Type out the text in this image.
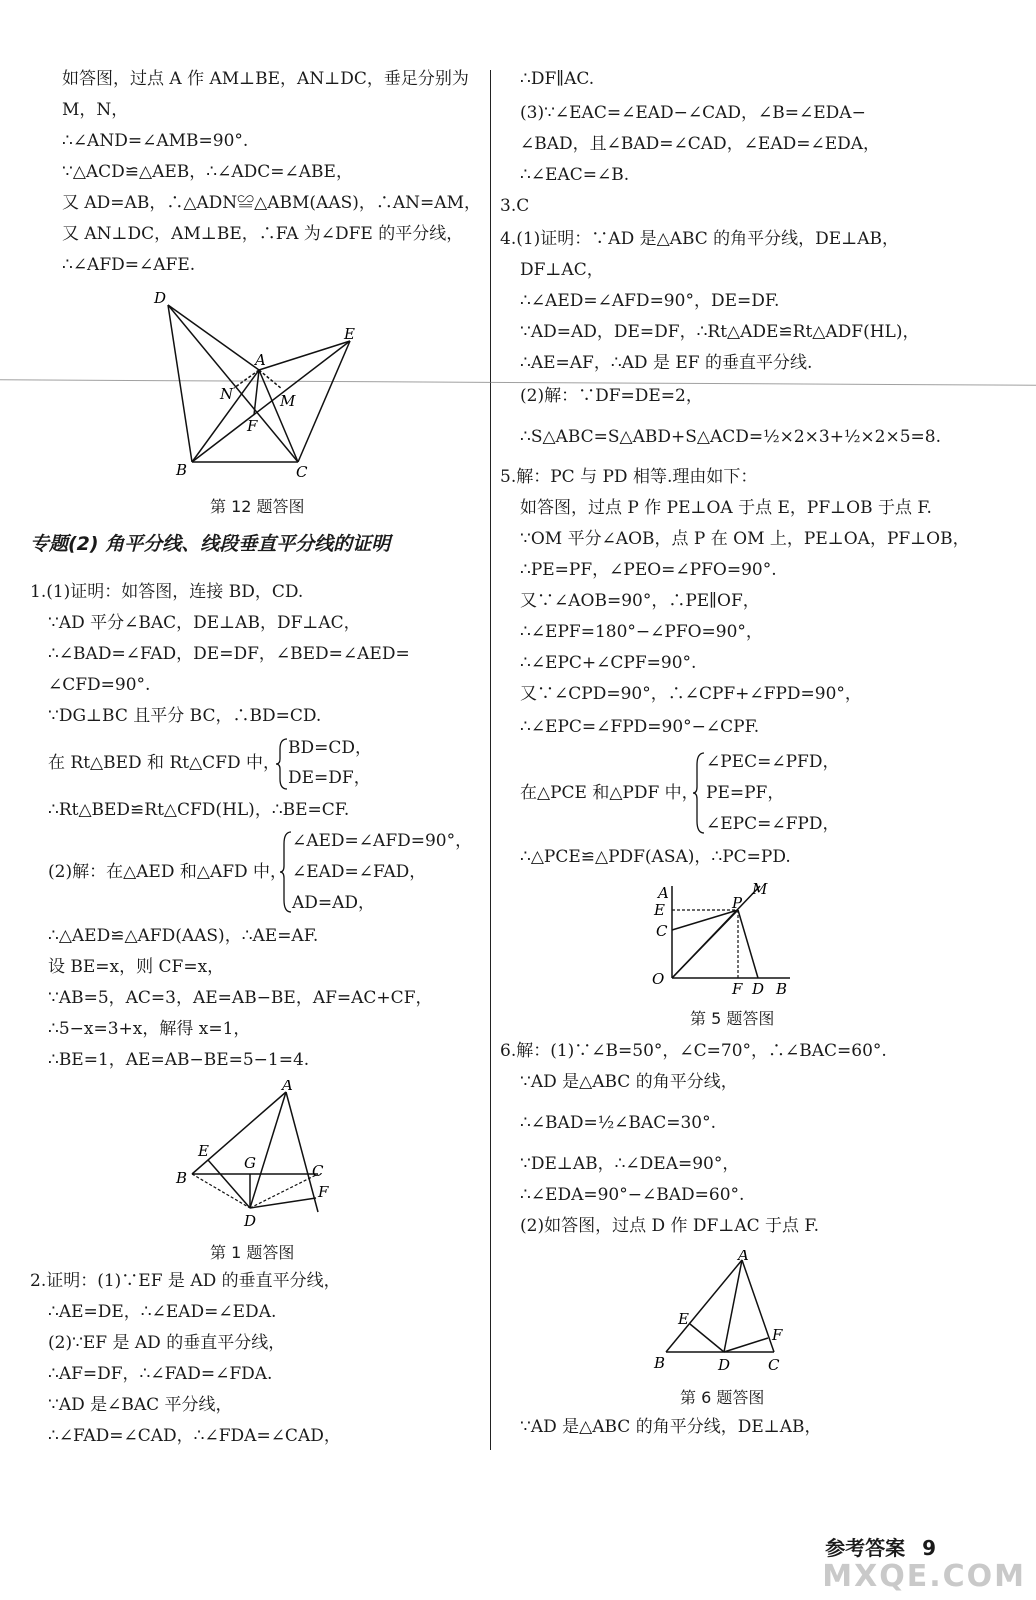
如答图，过点 A 作 AM⊥BE，AN⊥DC，垂足分别为
M，N，
∴∠AND=∠AMB=90°.
∵△ACD≌△AEB，∴∠ADC=∠ABE，
又 AD=AB，∴△ADN≌△ABM(AAS)，∴AN=AM，
又 AN⊥DC，AM⊥BE，∴FA 为∠DFE 的平分线，
∴∠AFD=∠AFE.
1.(1)证明：如答图，连接 BD，CD.
∵AD 平分∠BAC，DE⊥AB，DF⊥AC，
∴∠BAD=∠FAD，DE=DF，∠BED=∠AED=
∠CFD=90°.
∵DG⊥BC 且平分 BC，∴BD=CD.
在 Rt△BED 和 Rt△CFD 中，
BD=CD，
DE=DF，
∴Rt△BED≌Rt△CFD(HL)，∴BE=CF.
(2)解：在△AED 和△AFD 中，
∠AED=∠AFD=90°，
∠EAD=∠FAD，
AD=AD，
∴△AED≌△AFD(AAS)，∴AE=AF.
设 BE=x，则 CF=x，
∵AB=5，AC=3，AE=AB−BE，AF=AC+CF，
∴5−x=3+x，解得 x=1，
∴BE=1，AE=AB−BE=5−1=4.
2.证明：(1)∵EF 是 AD 的垂直平分线，
∴AE=DE，∴∠EAD=∠EDA.
(2)∵EF 是 AD 的垂直平分线，
∴AF=DF，∴∠FAD=∠FDA.
∵AD 是∠BAC 平分线，
∴∠FAD=∠CAD，∴∠FDA=∠CAD，
∴DF∥AC.
(3)∵∠EAC=∠EAD−∠CAD，∠B=∠EDA−
∠BAD，且∠BAD=∠CAD，∠EAD=∠EDA，
∴∠EAC=∠B.
3.C
4.(1)证明：∵AD 是△ABC 的角平分线，DE⊥AB，
DF⊥AC，
∴∠AED=∠AFD=90°，DE=DF.
∵AD=AD，DE=DF，∴Rt△ADE≌Rt△ADF(HL)，
∴AE=AF，∴AD 是 EF 的垂直平分线.
(2)解：∵DF=DE=2，
∴S△ABC=S△ABD+S△ACD=½×2×3+½×2×5=8.
5.解：PC 与 PD 相等.理由如下：
如答图，过点 P 作 PE⊥OA 于点 E，PF⊥OB 于点 F.
∵OM 平分∠AOB，点 P 在 OM 上，PE⊥OA，PF⊥OB，
∴PE=PF，∠PEO=∠PFO=90°.
又∵∠AOB=90°，∴PE∥OF，
∴∠EPF=180°−∠PFO=90°，
∴∠EPC+∠CPF=90°.
又∵∠CPD=90°，∴∠CPF+∠FPD=90°，
∴∠EPC=∠FPD=90°−∠CPF.
在△PCE 和△PDF 中，
∠PEC=∠PFD，
PE=PF，
∠EPC=∠FPD，
∴△PCE≌△PDF(ASA)，∴PC=PD.
6.解：(1)∵∠B=50°，∠C=70°，∴∠BAC=60°.
∵AD 是△ABC 的角平分线，
∴∠BAD=½∠BAC=30°.
∵DE⊥AB，∴∠DEA=90°，
∴∠EDA=90°−∠BAD=60°.
(2)如答图，过点 D 作 DF⊥AC 于点 F.
∵AD 是△ABC 的角平分线，DE⊥AB，
D
E
A
N	M
F
B	C
第 12 题答图
专题(2) 角平分线、线段垂直平分线的证明
A
E
G	C
B
F
D
第 1 题答图
A
E
C
O
P
M
F D B
第 5 题答图
A
E
F
B	D	C
第 6 题答图
参考答案 9
MXQE.COM
